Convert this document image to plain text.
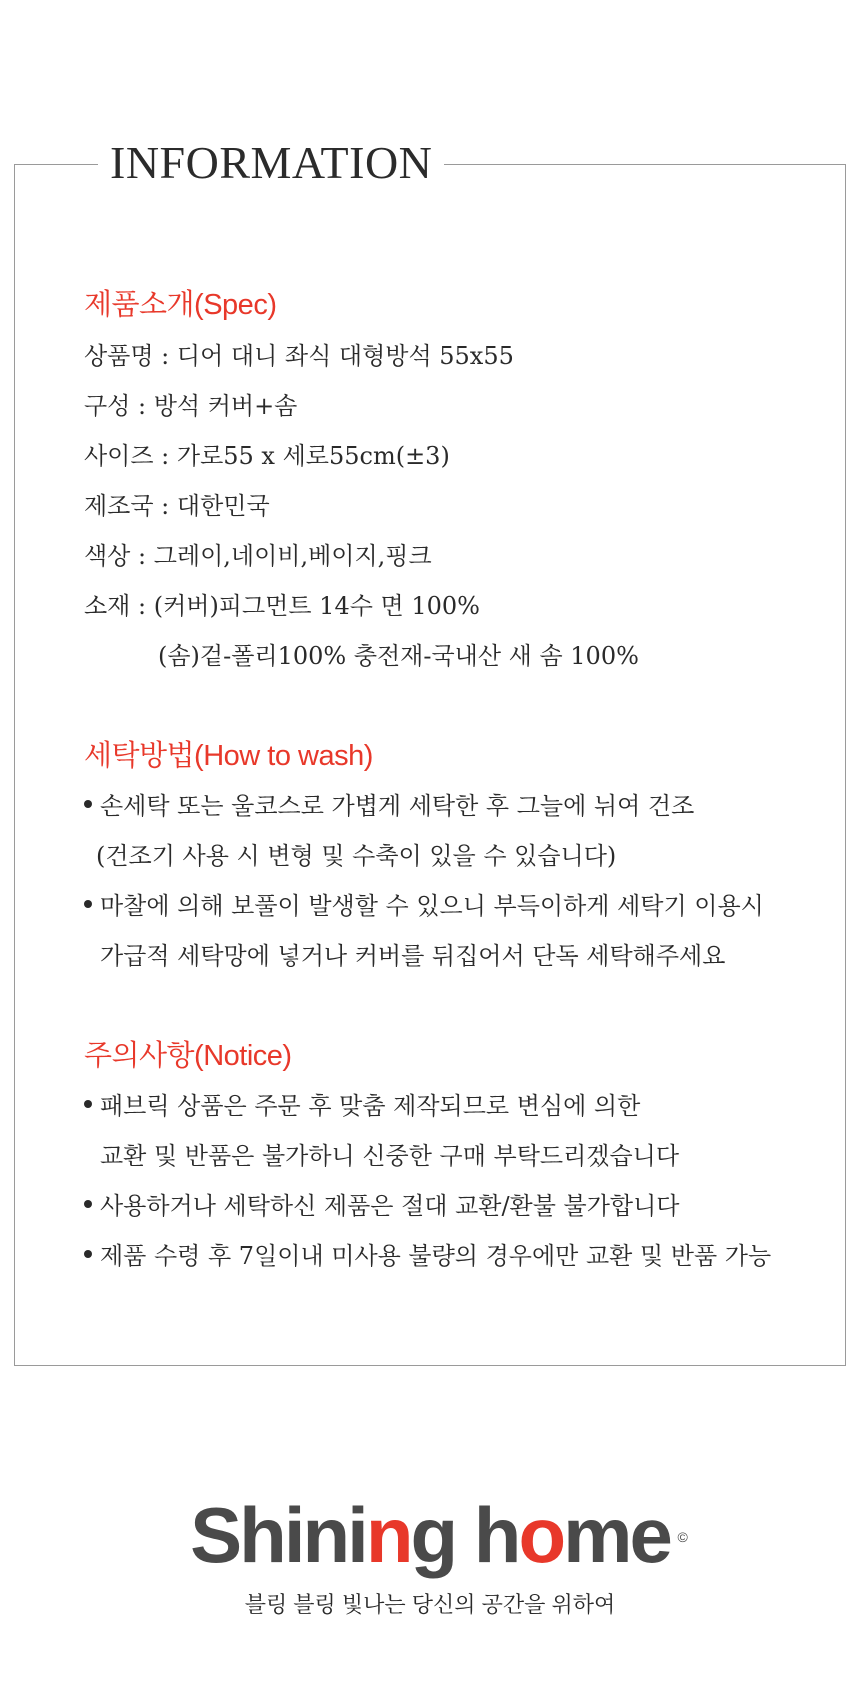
INFORMATION
제품소개(Spec)
상품명 : 디어 대니 좌식 대형방석 55x55
구성 : 방석 커버+솜
사이즈 : 가로55 x 세로55cm(±3)
제조국 : 대한민국
색상 : 그레이,네이비,베이지,핑크
소재 : (커버)피그먼트 14수 면 100%
(솜)겉-폴리100% 충전재-국내산 새 솜 100%
세탁방법(How to wash)
손세탁 또는 울코스로 가볍게 세탁한 후 그늘에 뉘여 건조
(건조기 사용 시 변형 및 수축이 있을 수 있습니다)
마찰에 의해 보풀이 발생할 수 있으니 부득이하게 세탁기 이용시
가급적 세탁망에 넣거나 커버를 뒤집어서 단독 세탁해주세요
주의사항(Notice)
패브릭 상품은 주문 후 맞춤 제작되므로 변심에 의한
교환 및 반품은 불가하니 신중한 구매 부탁드리겠습니다
사용하거나 세탁하신 제품은 절대 교환/환불 불가합니다
제품 수령 후 7일이내 미사용 불량의 경우에만 교환 및 반품 가능
Shining home ©
블링 블링 빛나는 당신의 공간을 위하여
